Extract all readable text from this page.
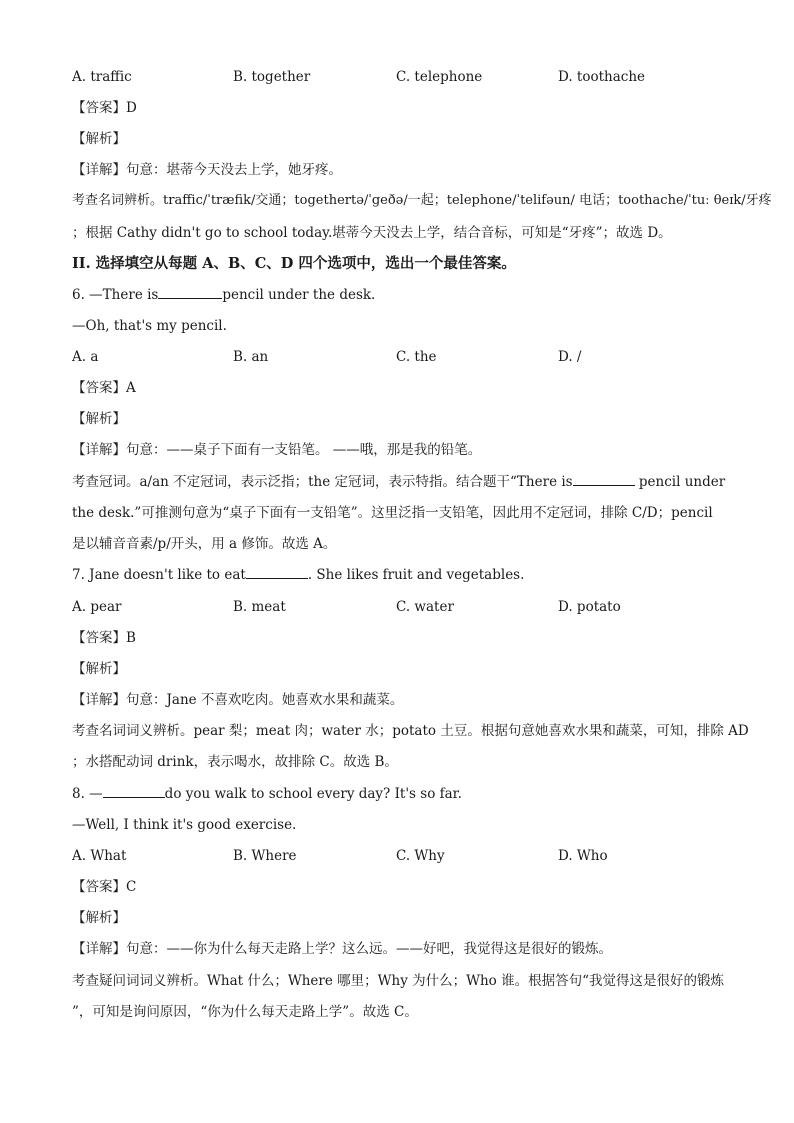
A. traffic	B. together	C. telephone	D. toothache
【答案】D
【解析】
【详解】句意：堪蒂今天没去上学，她牙疼。
考查名词辨析。traffic/ˈtræfik/交通；togethertə/ˈgeðə/一起；telephone/ˈtelifəun/ 电话；toothache/ˈtuː θeɪk/牙疼
；根据 Cathy didn't go to school today.堪蒂今天没去上学，结合音标，可知是“牙疼”；故选 D。
II. 选择填空从每题 A、B、C、D 四个选项中，选出一个最佳答案。
6. —There is	pencil under the desk.
—Oh, that's my pencil.
A. a	B. an	C. the	D. /
【答案】A
【解析】
【详解】句意：——桌子下面有一支铅笔。 ——哦，那是我的铅笔。
考查冠词。a/an 不定冠词，表示泛指；the 定冠词，表示特指。结合题干“There is	pencil under
the desk.”可推测句意为“桌子下面有一支铅笔”。这里泛指一支铅笔，因此用不定冠词，排除 C/D；pencil
是以辅音音素/p/开头，用 a 修饰。故选 A。
7. Jane doesn't like to eat	. She likes fruit and vegetables.
A. pear	B. meat	C. water	D. potato
【答案】B
【解析】
【详解】句意：Jane 不喜欢吃肉。她喜欢水果和蔬菜。
考查名词词义辨析。pear 梨；meat 肉；water 水；potato 土豆。根据句意她喜欢水果和蔬菜，可知，排除 AD
；水搭配动词 drink，表示喝水，故排除 C。故选 B。
8. —	do you walk to school every day? It's so far.
—Well, I think it's good exercise.
A. What	B. Where	C. Why	D. Who
【答案】C
【解析】
【详解】句意：——你为什么每天走路上学？这么远。——好吧，我觉得这是很好的锻炼。
考查疑问词词义辨析。What 什么；Where 哪里；Why 为什么；Who 谁。根据答句“我觉得这是很好的锻炼
”，可知是询问原因，“你为什么每天走路上学”。故选 C。
